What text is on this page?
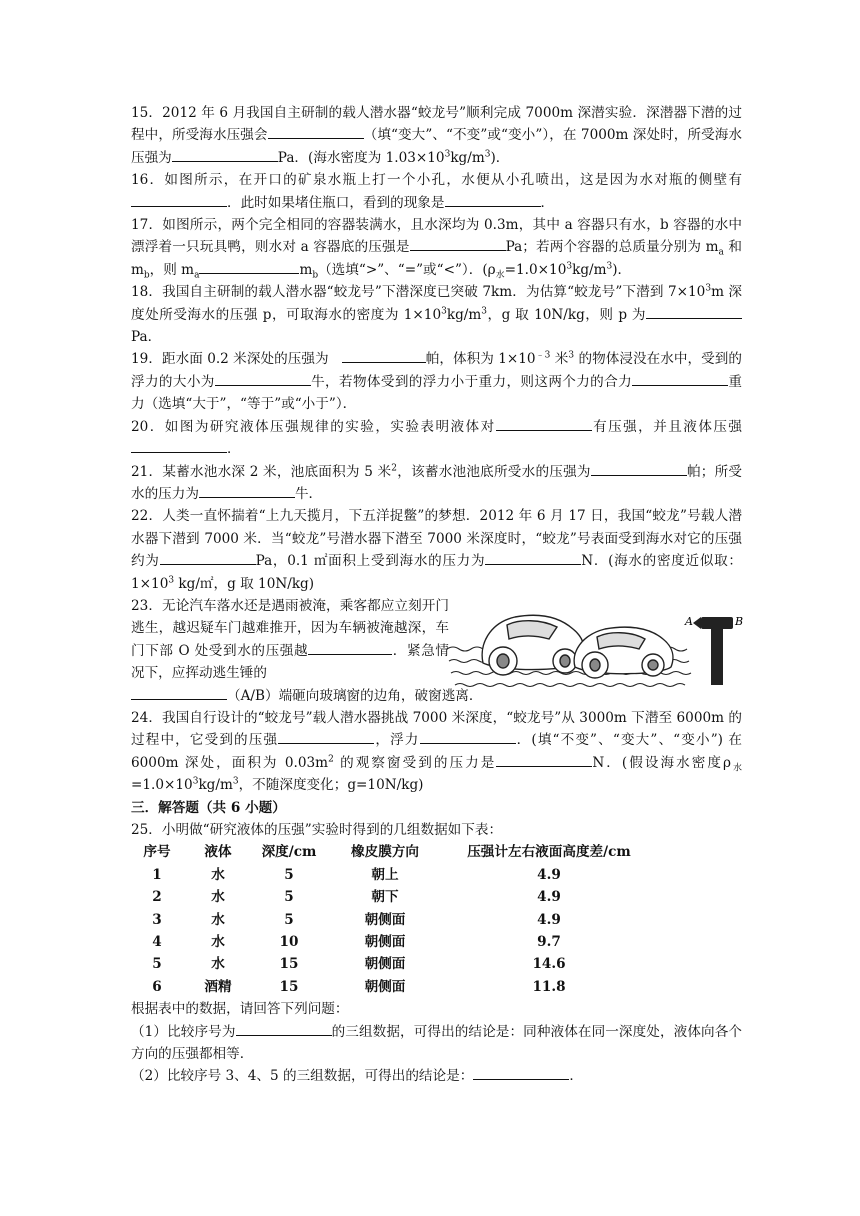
15．2012 年 6 月我国自主研制的载人潜水器“蛟龙号”顺利完成 7000m 深潜实验．深潜器下潜的过程中，所受海水压强会	（填“变大”、“不变”或“变小”），在 7000m 深处时，所受海水压强为	Pa．(海水密度为 $1.03\times 10^3kg/m^3$)．

16．如图所示，在开口的矿泉水瓶上打一个小孔，水便从小孔喷出，这是因为水对瓶的侧壁有．此时如果堵住瓶口，看到的现象是	．

17．如图所示，两个完全相同的容器装满水，且水深均为 0.3m，其中 a 容器只有水，b 容器的水中漂浮着一只玩具鸭，则水对 a 容器底的压强是	Pa；若两个容器的总质量分别为 $m_a$ 和 $m_b$，则 $m_a$	$m_b$（选填“>”、“=”或“<”）．$(\rho_水=1.0\times 10^3kg/m^3)$．

18．我国自主研制的载人潜水器“蛟龙号”下潜深度已突破 7km．为估算“蛟龙号”下潜到 $7\times 10^3m$ 深度处所受海水的压强 p，可取海水的密度为 $1\times 10^3kg/m^3$，g 取 10N/kg，则 p 为Pa．

19．距水面 0.2 米深处的压强为	帕，体积为 $1\times 10^{﹣3}$ 米$^3$ 的物体浸没在水中，受到的浮力的大小为	牛，若物体受到的浮力小于重力，则这两个力的合力	重力（选填“大于”，“等于”或“小于”）．

20．如图为研究液体压强规律的实验，实验表明液体对	有压强，并且液体压强．

21．某蓄水池水深 2 米，池底面积为 5 米$^2$，该蓄水池池底所受水的压强为	帕；所受水的压力为	牛．

22．人类一直怀揣着“上九天揽月，下五洋捉鳖”的梦想．2012 年 6 月 17 日，我国“蛟龙”号载人潜水器下潜到 7000 米．当“蛟龙”号潜水器下潜至 7000 米深度时，“蛟龙”号表面受到海水对它的压强约为	Pa，0.1 ㎡面积上受到海水的压力为	N．(海水的密度近似取：$1\times 10^3$ kg/㎡，g 取 10N/kg)

23．无论汽车落水还是遇雨被淹，乘客都应立刻开门逃生，越迟疑车门越难推开，因为车辆被淹越深，车门下部 O 处受到水的压强越	．紧急情况下，应挥动逃生锤的

（A/B）端砸向玻璃窗的边角，破窗逃离．

A	B

24．我国自行设计的“蛟龙号”载人潜水器挑战 7000 米深度，“蛟龙号”从 3000m 下潜至 6000m 的过程中，它受到的压强	，浮力	．(填“不变”、“变大”、“变小”) 在 6000m 深处，面积为 $0.03m^2$ 的观察窗受到的压力是	N．(假设海水密度$\rho_水=1.0\times 10^3kg/m^3$，不随深度变化；g=10N/kg)

三．解答题（共 6 小题）

25．小明做“研究液体的压强”实验时得到的几组数据如下表：

序号	液体	深度/cm	橡皮膜方向	压强计左右液面高度差/cm
1	水	5	朝上	4.9
2	水	5	朝下	4.9
3	水	5	朝侧面	4.9
4	水	10	朝侧面	9.7
5	水	15	朝侧面	14.6
6	酒精	15	朝侧面	11.8

根据表中的数据，请回答下列问题：

（1）比较序号为	的三组数据，可得出的结论是：同种液体在同一深度处，液体向各个方向的压强都相等．

（2）比较序号 3、4、5 的三组数据，可得出的结论是：	．
